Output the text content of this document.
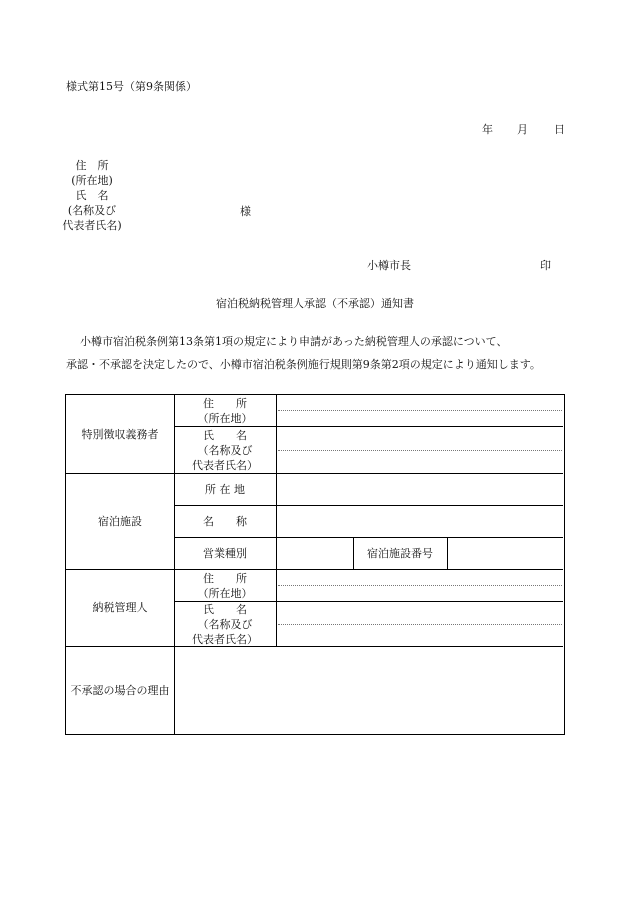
様式第15号（第9条関係）
年 月 日
住　所
(所在地)
氏　名
(名称及び
代表者氏名)
様
小樽市長	印
宿泊税納税管理人承認（不承認）通知書
小樽市宿泊税条例第13条第1項の規定により申請があった納税管理人の承認について、
承認・不承認を決定したので、小樽市宿泊税条例施行規則第9条第2項の規定により通知します。
特別徴収義務者
住　　所
（所在地）
氏　　名
（名称及び
代表者氏名）
宿泊施設
所 在 地
名　　称
営業種別	宿泊施設番号
納税管理人
住　　所
（所在地）
氏　　名
（名称及び
代表者氏名）
不承認の場合の理由
